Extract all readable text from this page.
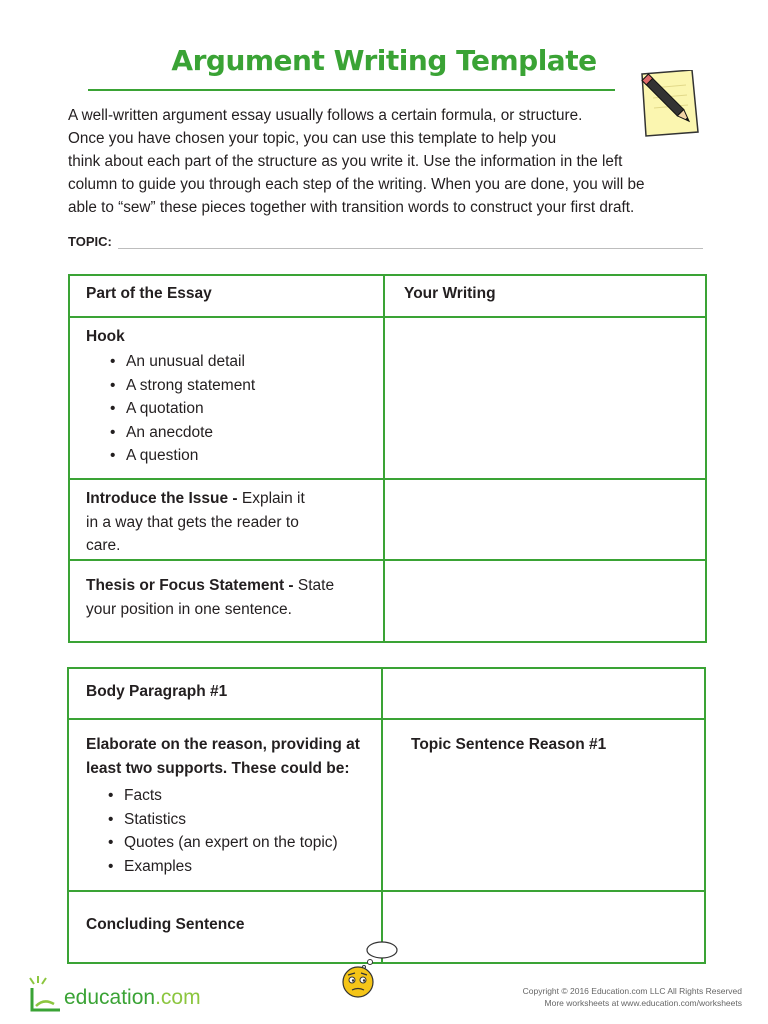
Argument Writing Template
A well-written argument essay usually follows a certain formula, or structure.
Once you have chosen your topic, you can use this template to help you
think about each part of the structure as you write it. Use the information in the left
column to guide you through each step of the writing. When you are done, you will be
able to “sew” these pieces together with transition words to construct your first draft.
TOPIC:
Part of the Essay	Your Writing
Hook
• An unusual detail
• A strong statement
• A quotation
• An anecdote
• A question
Introduce the Issue - Explain it
in a way that gets the reader to
care.
Thesis or Focus Statement - State
your position in one sentence.
Body Paragraph #1
Elaborate on the reason, providing at
least two supports. These could be:
• Facts
• Statistics
• Quotes (an expert on the topic)
• Examples
Topic Sentence Reason #1
Concluding Sentence
education.com	Copyright © 2016 Education.com LLC All Rights Reserved
More worksheets at www.education.com/worksheets
